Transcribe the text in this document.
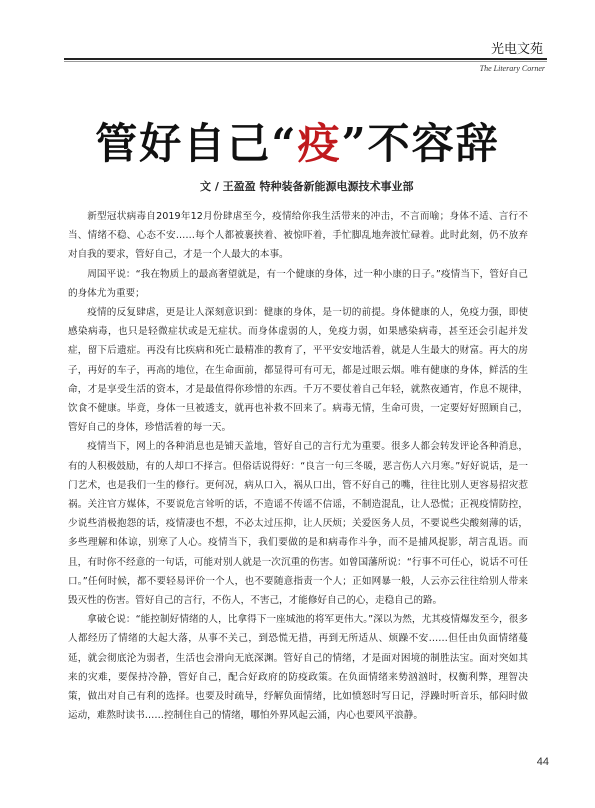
光电文苑
The Literary Corner
管好自己“疫”不容辞
文 / 王盈盈 特种装备新能源电源技术事业部

新型冠状病毒自2019年12月份肆虐至今，疫情给你我生活带来的冲击，不言而喻；身体不适、言行不当、情绪不稳、心态不安……每个人都被裹挟着、被惊吓着，手忙脚乱地奔波忙碌着。此时此刻，仍不放弃对自我的要求，管好自己，才是一个人最大的本事。

周国平说：“我在物质上的最高奢望就是，有一个健康的身体，过一种小康的日子。”疫情当下，管好自己的身体尤为重要；

疫情的反复肆虐，更是让人深刻意识到：健康的身体，是一切的前提。身体健康的人，免疫力强，即使感染病毒，也只是轻微症状或是无症状。而身体虚弱的人，免疫力弱，如果感染病毒，甚至还会引起并发症，留下后遗症。再没有比疾病和死亡最精准的教育了，平平安安地活着，就是人生最大的财富。再大的房子，再好的车子，再高的地位，在生命面前，都显得可有可无，都是过眼云烟。唯有健康的身体，鲜活的生命，才是享受生活的资本，才是最值得你珍惜的东西。千万不要仗着自己年轻，就熬夜通宵，作息不规律，饮食不健康。毕竟，身体一旦被透支，就再也补救不回来了。病毒无情，生命可贵，一定要好好照顾自己，管好自己的身体，珍惜活着的每一天。

疫情当下，网上的各种消息也是铺天盖地，管好自己的言行尤为重要。很多人都会转发评论各种消息，有的人积极鼓励，有的人却口不择言。但俗话说得好：“良言一句三冬暖，恶言伤人六月寒。”好好说话，是一门艺术，也是我们一生的修行。更何况，病从口入，祸从口出，管不好自己的嘴，往往比别人更容易招灾惹祸。关注官方媒体，不要说危言耸听的话，不造谣不传谣不信谣，不制造混乱，让人恐慌；正视疫情防控，少说些消极抱怨的话，疫情凄也不想，不必太过压抑，让人厌烦；关爱医务人员，不要说些尖酸刻薄的话，多些理解和体谅，别寒了人心。疫情当下，我们要做的是和病毒作斗争，而不是捕风捉影，胡言乱语。而且，有时你不经意的一句话，可能对别人就是一次沉重的伤害。如曾国藩所说：“行事不可任心，说话不可任口。”任何时候，都不要轻易评价一个人，也不要随意指责一个人；正如网暴一般，人云亦云往往给别人带来毁灭性的伤害。管好自己的言行，不伤人，不害己，才能修好自己的心，走稳自己的路。

拿破仑说：“能控制好情绪的人，比拿得下一座城池的将军更伟大。”深以为然，尤其疫情爆发至今，很多人都经历了情绪的大起大落，从事不关己，到恐慌无措，再到无所适从、烦躁不安……但任由负面情绪蔓延，就会彻底沦为弱者，生活也会滑向无底深渊。管好自己的情绪，才是面对困境的制胜法宝。面对突如其来的灾难，要保持冷静，管好自己，配合好政府的防疫政策。在负面情绪来势汹汹时，权衡利弊，理智决策，做出对自己有利的选择。也要及时疏导，纾解负面情绪，比如愤怒时写日记，浮躁时听音乐，郁闷时做运动，难熬时读书……控制住自己的情绪，哪怕外界风起云涌，内心也要风平浪静。

44
